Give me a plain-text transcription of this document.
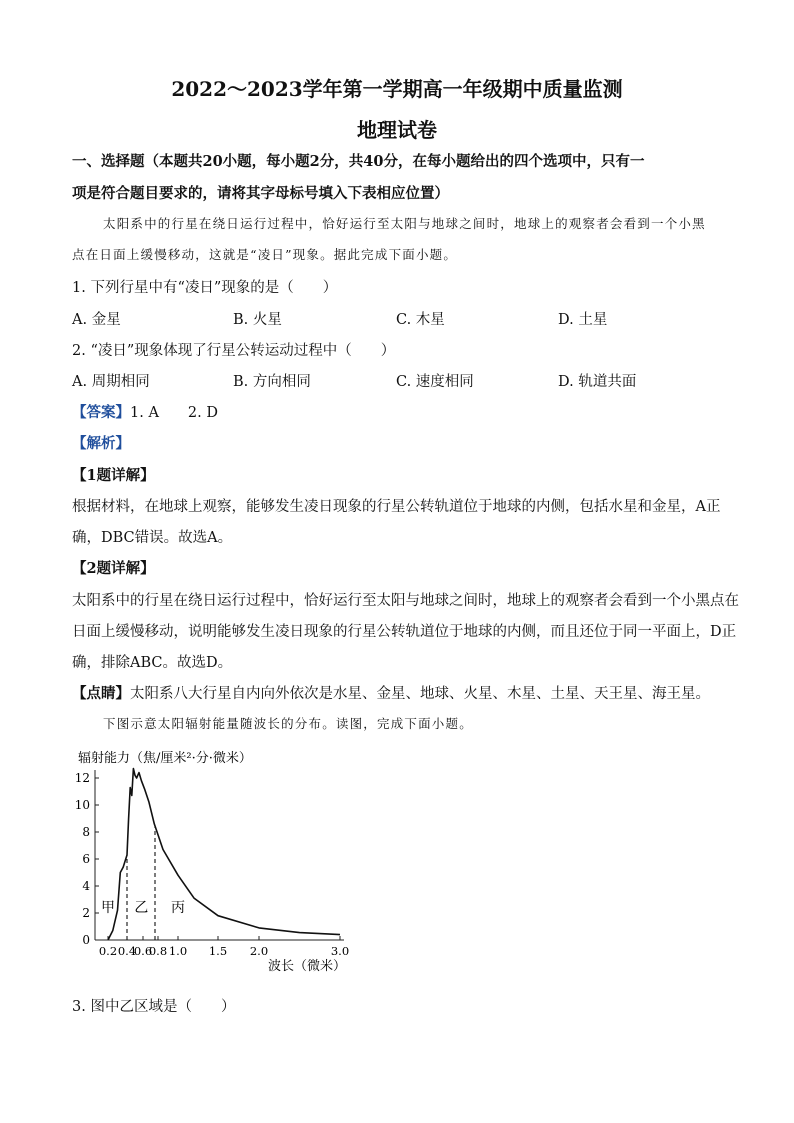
2022～2023学年第一学期高一年级期中质量监测
地理试卷
一、选择题（本题共20小题，每小题2分，共40分，在每小题给出的四个选项中，只有一
项是符合题目要求的，请将其字母标号填入下表相应位置）
太阳系中的行星在绕日运行过程中，恰好运行至太阳与地球之间时，地球上的观察者会看到一个小黑
点在日面上缓慢移动，这就是“凌日”现象。据此完成下面小题。
1. 下列行星中有“凌日”现象的是（　　）
A. 金星	B. 火星	C. 木星	D. 土星
2. “凌日”现象体现了行星公转运动过程中（　　）
A. 周期相同	B. 方向相同	C. 速度相同	D. 轨道共面
【答案】1. A　　2. D
【解析】
【1题详解】
根据材料，在地球上观察，能够发生凌日现象的行星公转轨道位于地球的内侧，包括水星和金星，A正
确，DBC错误。故选A。
【2题详解】
太阳系中的行星在绕日运行过程中，恰好运行至太阳与地球之间时，地球上的观察者会看到一个小黑点在
日面上缓慢移动，说明能够发生凌日现象的行星公转轨道位于地球的内侧，而且还位于同一平面上，D正
确，排除ABC。故选D。
【点睛】太阳系八大行星自内向外依次是水星、金星、地球、火星、木星、土星、天王星、海王星。
下图示意太阳辐射能量随波长的分布。读图，完成下面小题。
辐射能力（焦/厘米²·分·微米）
波长（微米）
0
2
4
6
8
10
12
0.2 0.4
0.6
0.8 1.0 1.5 2.0	3.0
甲 乙 丙
3. 图中乙区域是（　　）
